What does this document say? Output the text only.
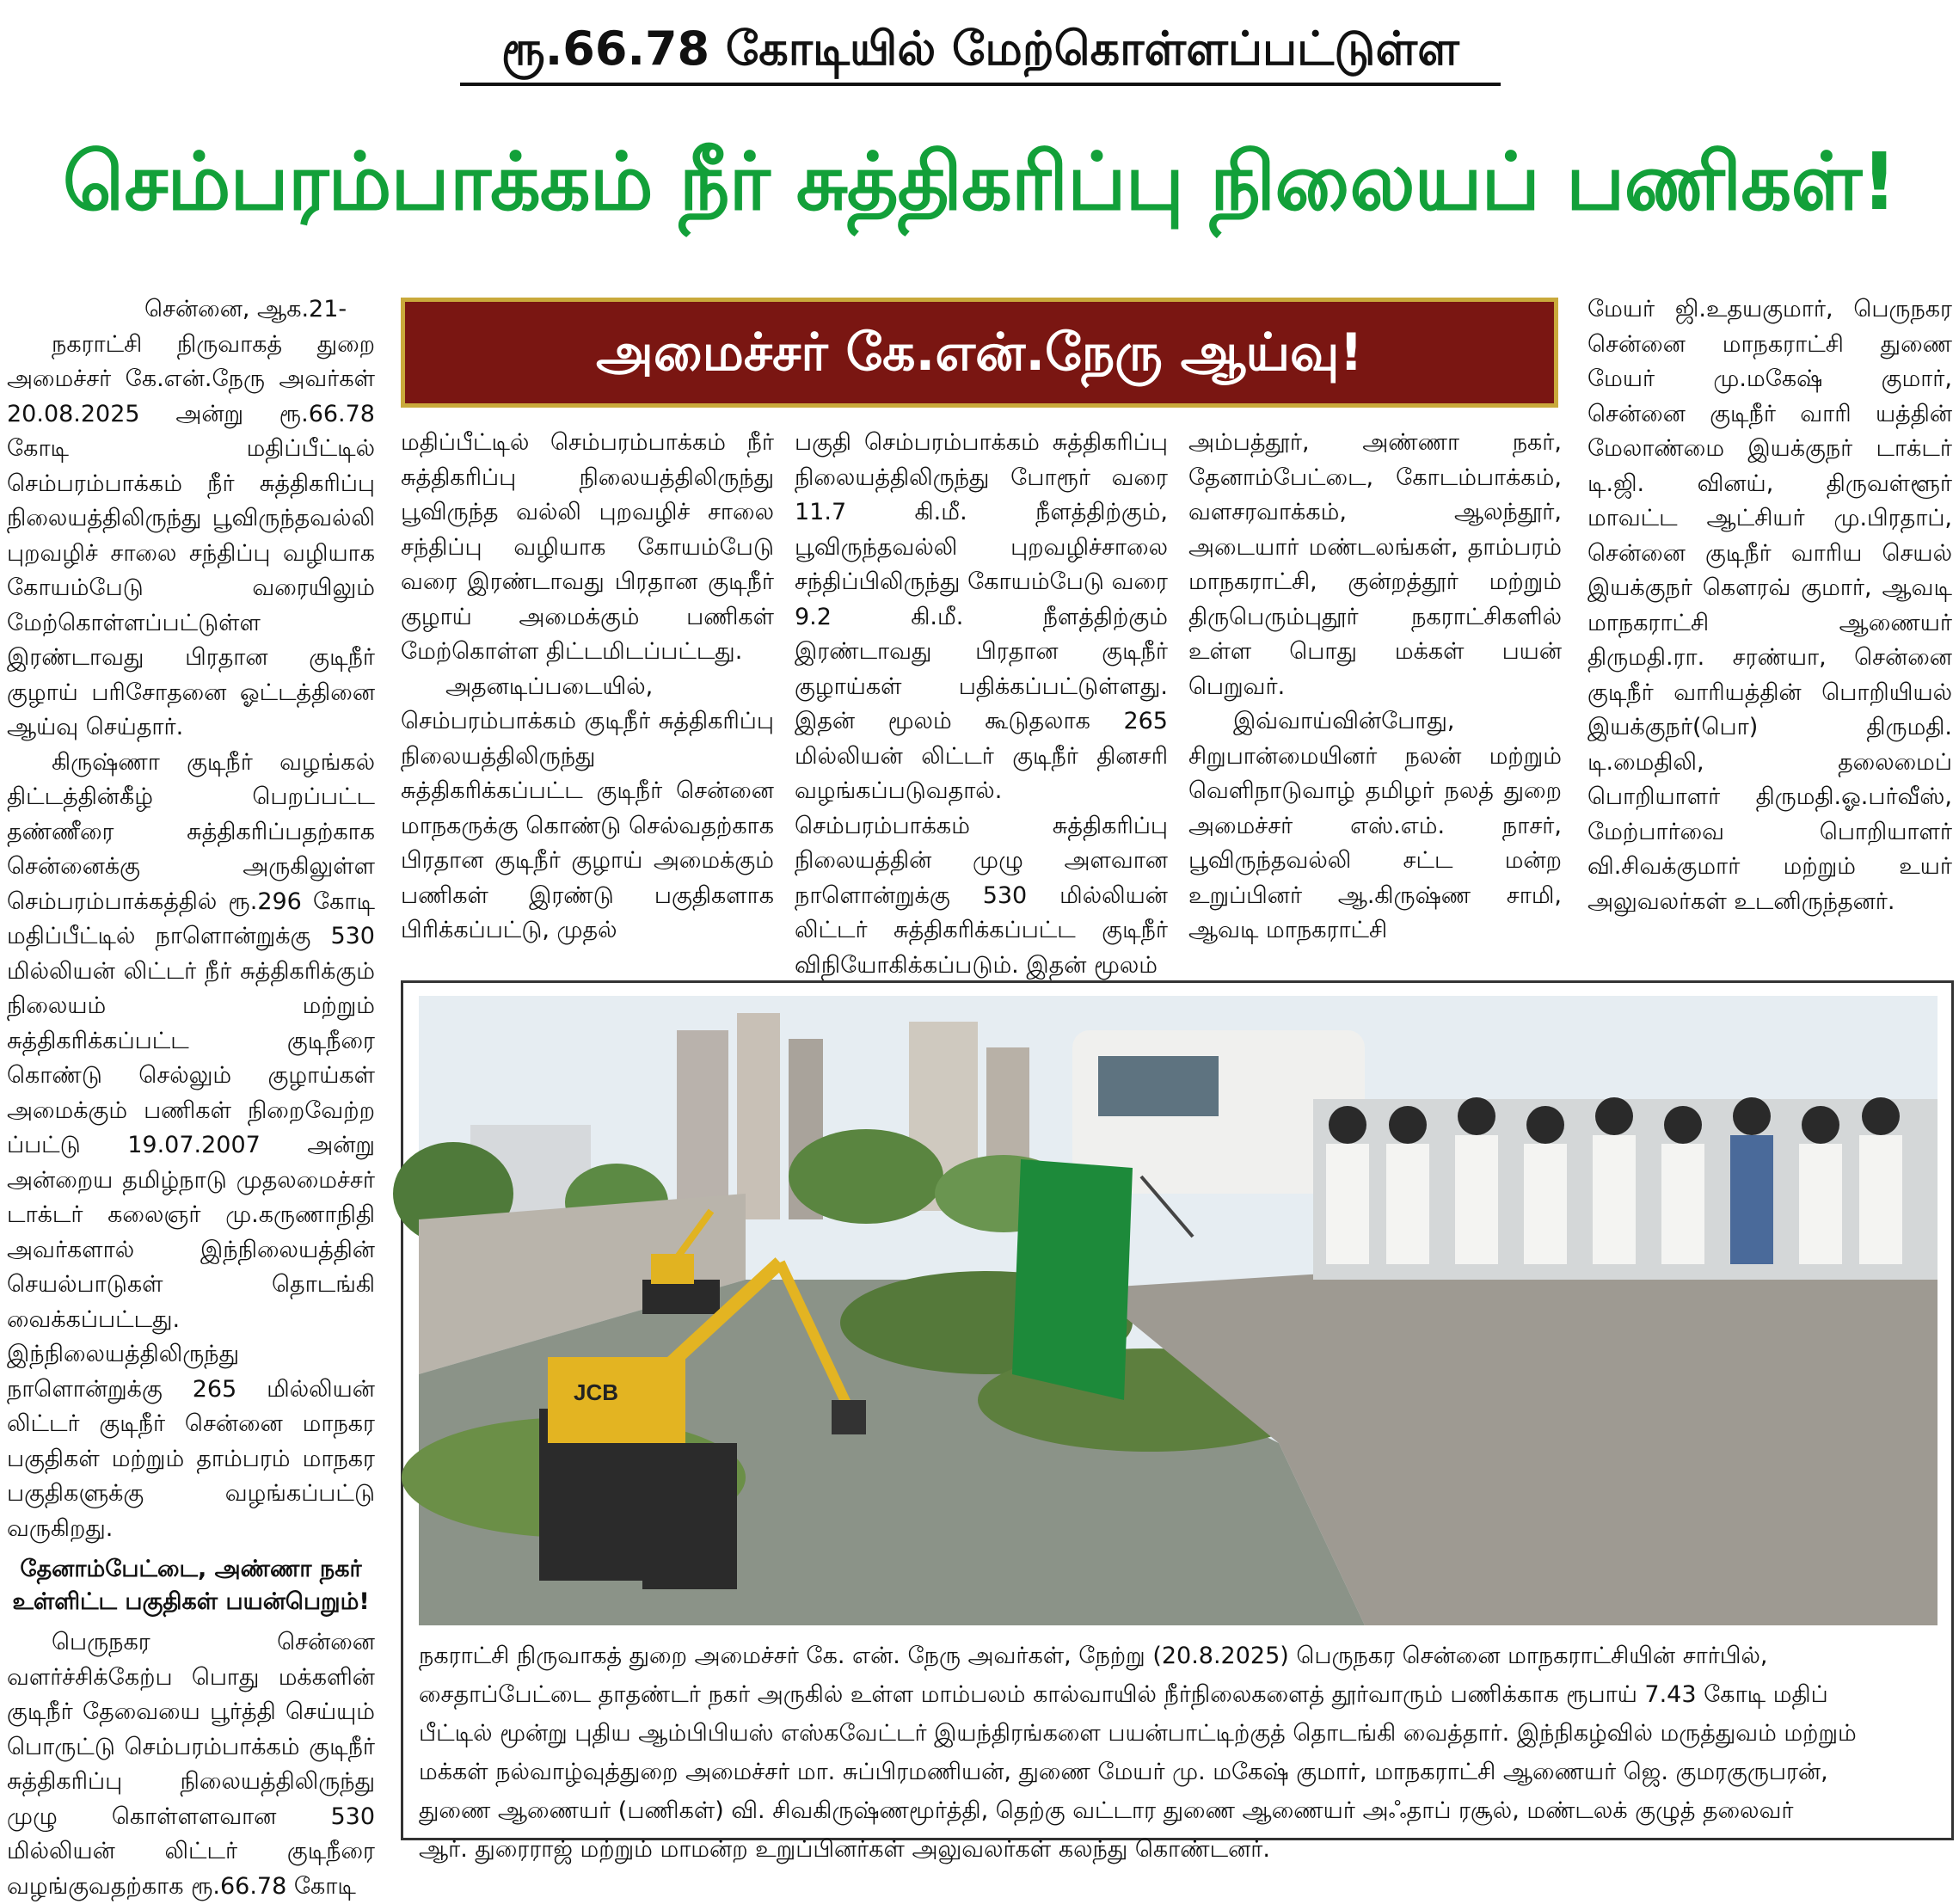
ரூ.66.78 கோடியில் மேற்கொள்ளப்பட்டுள்ள
செம்பரம்பாக்கம் நீர் சுத்திகரிப்பு நிலையப் பணிகள்!

சென்னை, ஆக.21-

நகராட்சி நிருவாகத் துறை அமைச்சர் கே.என்.நேரு அவர்கள் 20.08.2025 அன்று ரூ.66.78 கோடி மதிப்பீட்டில் செம்பரம்பாக்கம் நீர் சுத்திகரிப்பு நிலையத்திலிருந்து பூவிருந்தவல்லி புறவழிச் சாலை சந்திப்பு வழியாக கோயம்பேடு வரையிலும் மேற்கொள்ளப்பட்டுள்ள இரண்டாவது பிரதான குடிநீர் குழாய் பரிசோதனை ஓட்டத்தினை ஆய்வு செய்தார்.

கிருஷ்ணா குடிநீர் வழங்கல் திட்டத்தின்கீழ் பெறப்பட்ட தண்ணீரை சுத்திகரிப்பதற்காக சென்னைக்கு அருகிலுள்ள செம்பரம்பாக்கத்தில் ரூ.296 கோடி மதிப்பீட்டில் நாளொன்றுக்கு 530 மில்லியன் லிட்டர் நீர் சுத்திகரிக்கும் நிலையம் மற்றும் சுத்திகரிக்கப்பட்ட குடிநீரை கொண்டு செல்லும் குழாய்கள் அமைக்கும் பணிகள் நிறைவேற்ற ப்பட்டு 19.07.2007 அன்று அன்றைய தமிழ்நாடு முதலமைச்சர் டாக்டர் கலைஞர் மு.கருணாநிதி அவர்களால் இந்நிலையத்தின் செயல்பாடுகள் தொடங்கி வைக்கப்பட்டது. இந்நிலையத்திலிருந்து நாளொன்றுக்கு 265 மில்லியன் லிட்டர் குடிநீர் சென்னை மாநகர பகுதிகள் மற்றும் தாம்பரம் மாநகர பகுதிகளுக்கு வழங்கப்பட்டு வருகிறது.

தேனாம்பேட்டை, அண்ணா நகர் உள்ளிட்ட பகுதிகள் பயன்பெறும்!

பெருநகர சென்னை வளர்ச்சிக்கேற்ப பொது மக்களின் குடிநீர் தேவையை பூர்த்தி செய்யும் பொருட்டு செம்பரம்பாக்கம் குடிநீர் சுத்திகரிப்பு நிலையத்திலிருந்து முழு கொள்ளளவான 530 மில்லியன் லிட்டர் குடிநீரை வழங்குவதற்காக ரூ.66.78 கோடி

அமைச்சர் கே.என்.நேரு ஆய்வு!

மதிப்பீட்டில் செம்பரம்பாக்கம் நீர் சுத்திகரிப்பு நிலையத்திலிருந்து பூவிருந்த வல்லி புறவழிச் சாலை சந்திப்பு வழியாக கோயம்பேடு வரை இரண்டாவது பிரதான குடிநீர் குழாய் அமைக்கும் பணிகள் மேற்கொள்ள திட்டமிடப்பட்டது.

அதனடிப்படையில், செம்பரம்பாக்கம் குடிநீர் சுத்திகரிப்பு நிலையத்திலிருந்து சுத்திகரிக்கப்பட்ட குடிநீர் சென்னை மாநகருக்கு கொண்டு செல்வதற்காக பிரதான குடிநீர் குழாய் அமைக்கும் பணிகள் இரண்டு பகுதிகளாக பிரிக்கப்பட்டு, முதல்

பகுதி செம்பரம்பாக்கம் சுத்திகரிப்பு நிலையத்திலிருந்து போரூர் வரை 11.7 கி.மீ. நீளத்திற்கும், பூவிருந்தவல்லி புறவழிச்சாலை சந்திப்பிலிருந்து கோயம்பேடு வரை 9.2 கி.மீ. நீளத்திற்கும் இரண்டாவது பிரதான குடிநீர் குழாய்கள் பதிக்கப்பட்டுள்ளது. இதன் மூலம் கூடுதலாக 265 மில்லியன் லிட்டர் குடிநீர் தினசரி வழங்கப்படுவதால். செம்பரம்பாக்கம் சுத்திகரிப்பு நிலையத்தின் முழு அளவான நாளொன்றுக்கு 530 மில்லியன் லிட்டர் சுத்திகரிக்கப்பட்ட குடிநீர் விநியோகிக்கப்படும். இதன் மூலம்

அம்பத்தூர், அண்ணா நகர், தேனாம்பேட்டை, கோடம்பாக்கம், வளசரவாக்கம், ஆலந்தூர், அடையார் மண்டலங்கள், தாம்பரம் மாநகராட்சி, குன்றத்தூர் மற்றும் திருபெரும்புதூர் நகராட்சிகளில் உள்ள பொது மக்கள் பயன் பெறுவர்.

இவ்வாய்வின்போது, சிறுபான்மையினர் நலன் மற்றும் வெளிநாடுவாழ் தமிழர் நலத் துறை அமைச்சர் எஸ்.எம். நாசர், பூவிருந்தவல்லி சட்ட மன்ற உறுப்பினர் ஆ.கிருஷ்ண சாமி, ஆவடி மாநகராட்சி

மேயர் ஜி.உதயகுமார், பெருநகர சென்னை மாநகராட்சி துணை மேயர் மு.மகேஷ் குமார், சென்னை குடிநீர் வாரி யத்தின் மேலாண்மை இயக்குநர் டாக்டர் டி.ஜி. வினய், திருவள்ளூர் மாவட்ட ஆட்சியர் மு.பிரதாப், சென்னை குடிநீர் வாரிய செயல் இயக்குநர் கௌரவ் குமார், ஆவடி மாநகராட்சி ஆணையர் திருமதி.ரா. சரண்யா, சென்னை குடிநீர் வாரியத்தின் பொறியியல் இயக்குநர்(பொ) திருமதி. டி.மைதிலி, தலைமைப் பொறியாளர் திருமதி.ஓ.பர்வீஸ், மேற்பார்வை பொறியாளர் வி.சிவக்குமார் மற்றும் உயர் அலுவலர்கள் உடனிருந்தனர்.

JCB
நகராட்சி நிருவாகத் துறை அமைச்சர் கே. என். நேரு அவர்கள், நேற்று (20.8.2025) பெருநகர சென்னை மாநகராட்சியின் சார்பில்,
சைதாப்பேட்டை தாதண்டர் நகர் அருகில் உள்ள மாம்பலம் கால்வாயில் நீர்நிலைகளைத் தூர்வாரும் பணிக்காக ரூபாய் 7.43 கோடி மதிப்
பீட்டில் மூன்று புதிய ஆம்பிபியஸ் எஸ்கவேட்டர் இயந்திரங்களை பயன்பாட்டிற்குத் தொடங்கி வைத்தார். இந்நிகழ்வில் மருத்துவம் மற்றும்
மக்கள் நல்வாழ்வுத்துறை அமைச்சர் மா. சுப்பிரமணியன், துணை மேயர் மு. மகேஷ் குமார், மாநகராட்சி ஆணையர் ஜெ. குமரகுருபரன்,
துணை ஆணையர் (பணிகள்) வி. சிவகிருஷ்ணமூர்த்தி, தெற்கு வட்டார துணை ஆணையர் அஃதாப் ரசூல், மண்டலக் குழுத் தலைவர்
ஆர். துரைராஜ் மற்றும் மாமன்ற உறுப்பினர்கள் அலுவலர்கள் கலந்து கொண்டனர்.
